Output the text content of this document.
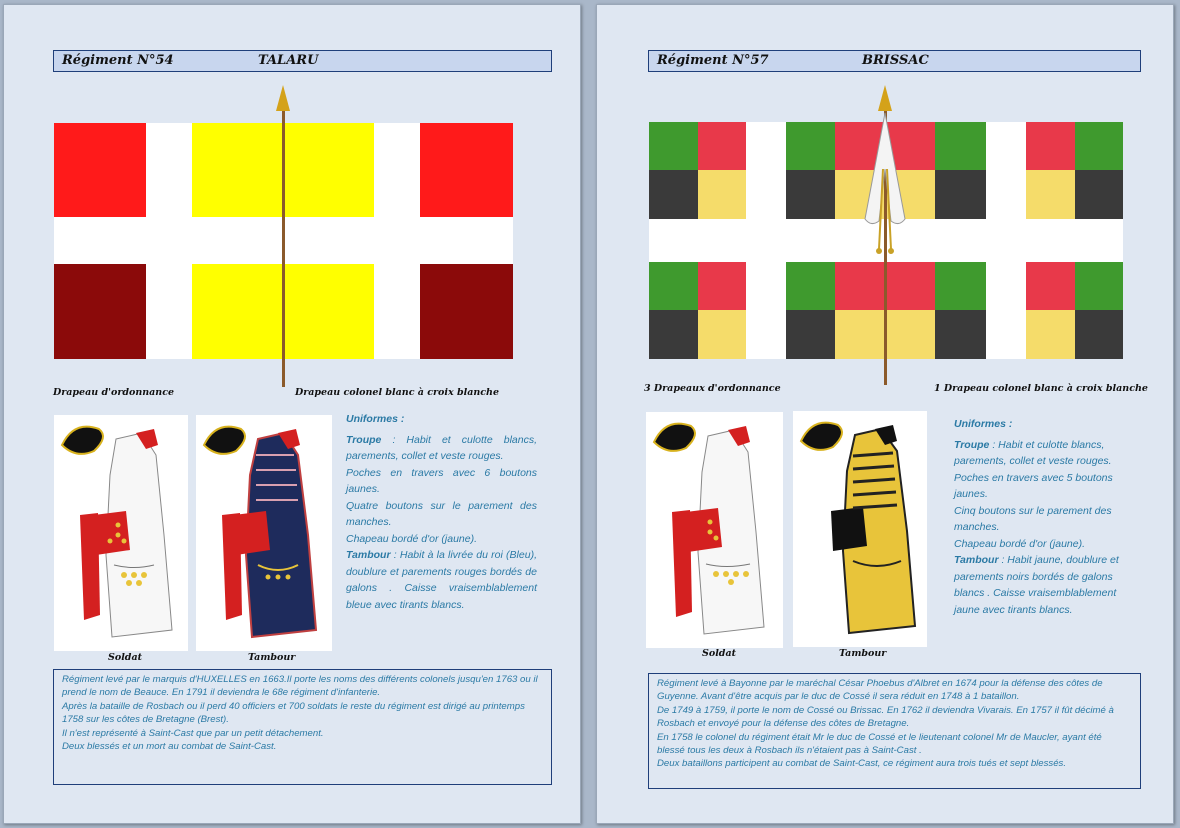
Régiment N°54	TALARU
Drapeau d'ordonnance	Drapeau colonel blanc à croix blanche
Soldat	Tambour

Uniformes :

Troupe : Habit et culotte blancs, parements, collet et veste rouges.

Poches en travers avec 6 boutons jaunes.

Quatre boutons sur le parement des manches.

Chapeau bordé d'or (jaune).

Tambour : Habit à la livrée du roi (Bleu), doublure et parements rouges bordés de galons . Caisse vraisemblablement bleue avec tirants blancs.

Régiment levé par le marquis d'HUXELLES en 1663.Il porte les noms des différents colonels jusqu'en 1763 ou il prend le nom de Beauce. En 1791 il deviendra le 68e régiment d'infanterie.

Après la bataille de Rosbach ou il perd 40 officiers et 700 soldats le reste du régiment est dirigé au printemps 1758 sur les côtes de Bretagne (Brest).

Il n'est représenté à Saint-Cast que par un petit détachement.

Deux blessés et un mort au combat de Saint-Cast.

Régiment N°57	BRISSAC
3 Drapeaux d'ordonnance	1 Drapeau colonel blanc à croix blanche
Soldat	Tambour

Uniformes :

Troupe : Habit et culotte blancs, parements, collet et veste rouges.

Poches en travers avec 5 boutons jaunes.

Cinq boutons sur le parement des manches.

Chapeau bordé d'or (jaune).

Tambour : Habit jaune, doublure et parements noirs bordés de galons blancs . Caisse vraisemblablement jaune avec tirants blancs.

Régiment levé à Bayonne par le maréchal César Phoebus d'Albret en 1674 pour la défense des côtes de Guyenne. Avant d'être acquis par le duc de Cossé il sera réduit en 1748 à 1 bataillon.

De 1749 à 1759, il porte le nom de Cossé ou Brissac. En 1762 il deviendra Vivarais. En 1757 il fût décimé à Rosbach et envoyé pour la défense des côtes de Bretagne.

En 1758 le colonel du régiment était Mr le duc de Cossé et le lieutenant colonel Mr de Maucler, ayant été blessé tous les deux à Rosbach ils n'étaient pas à Saint-Cast .

Deux bataillons participent au combat de Saint-Cast, ce régiment aura trois tués et sept blessés.
